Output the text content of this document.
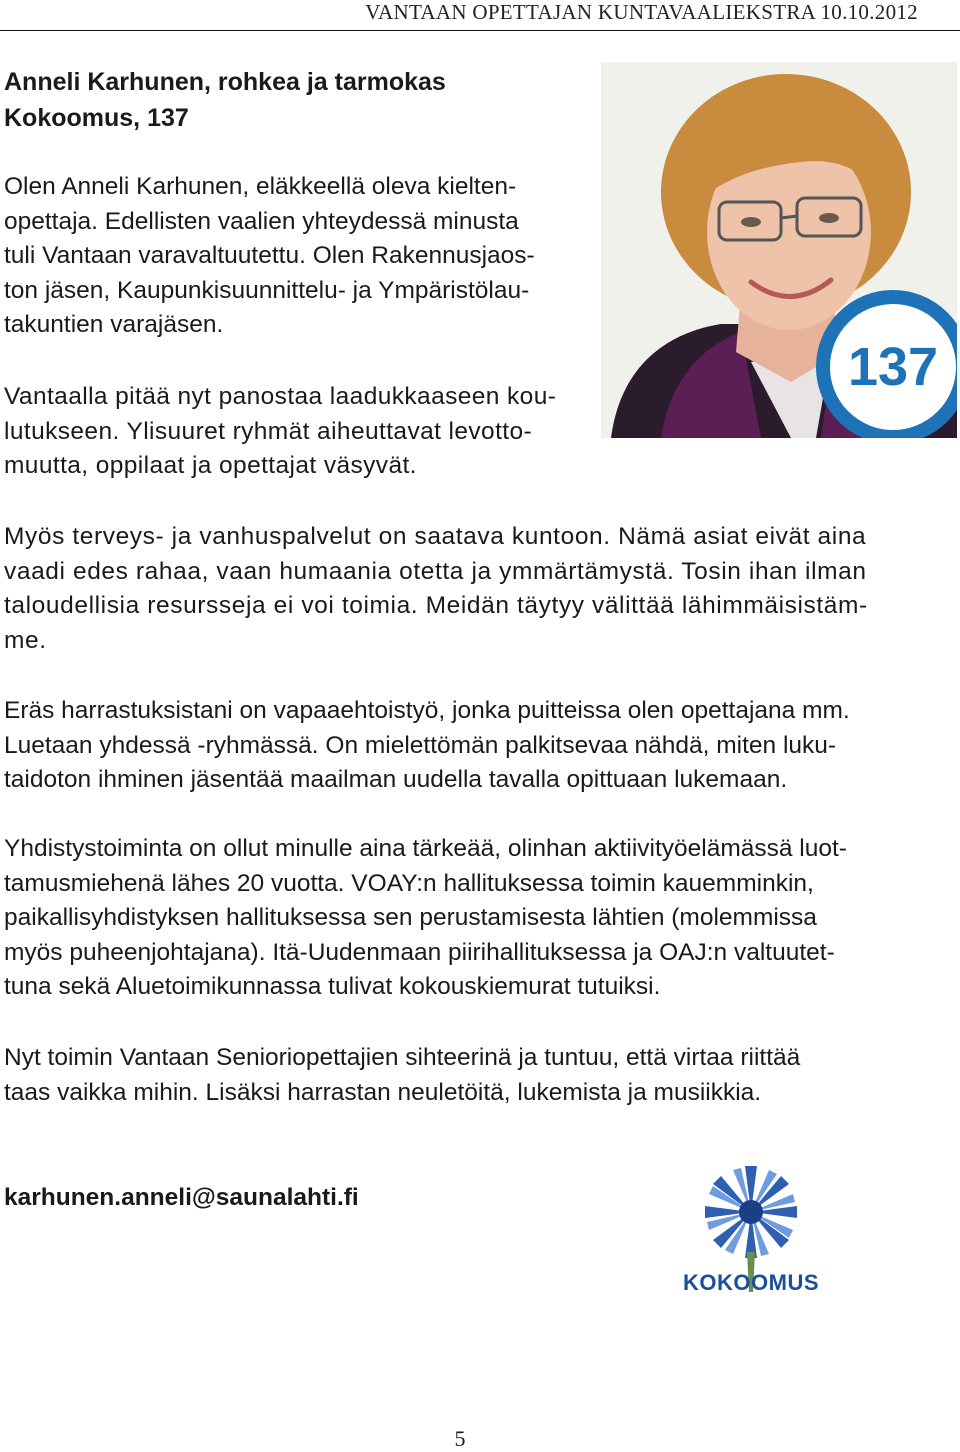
VANTAAN OPETTAJAN KUNTAVAALIEKSTRA 10.10.2012
Anneli Karhunen, rohkea ja tarmokas
Kokoomus, 137
Olen Anneli Karhunen, eläkkeellä oleva kielten-
opettaja. Edellisten vaalien yhteydessä minusta
tuli Vantaan varavaltuutettu. Olen Rakennusjaos-
ton jäsen, Kaupunkisuunnittelu- ja Ympäristölau-
takuntien varajäsen.
Vantaalla pitää nyt panostaa laadukkaaseen kou-
lutukseen. Ylisuuret ryhmät aiheuttavat levotto-
muutta, oppilaat ja opettajat väsyvät.
Myös terveys- ja vanhuspalvelut on saatava kuntoon. Nämä asiat eivät aina
vaadi edes rahaa, vaan humaania otetta ja ymmärtämystä. Tosin ihan ilman
taloudellisia resursseja ei voi toimia. Meidän täytyy välittää lähimmäisistäm-
me.
Eräs harrastuksistani on vapaaehtoistyö, jonka puitteissa olen opettajana mm.
Luetaan yhdessä -ryhmässä. On mielettömän palkitsevaa nähdä, miten luku-
taidoton ihminen jäsentää maailman uudella tavalla opittuaan lukemaan.
Yhdistystoiminta on ollut minulle aina tärkeää, olinhan aktiivityöelämässä luot-
tamusmiehenä lähes 20 vuotta. VOAY:n hallituksessa toimin kauemminkin,
paikallisyhdistyksen hallituksessa sen perustamisesta lähtien (molemmissa
myös puheenjohtajana). Itä-Uudenmaan piirihallituksessa ja OAJ:n valtuutet-
tuna sekä Aluetoimikunnassa tulivat kokouskiemurat tutuiksi.
Nyt toimin Vantaan Senioriopettajien sihteerinä ja tuntuu, että virtaa riittää
taas vaikka mihin. Lisäksi harrastan neuletöitä, lukemista ja musiikkia.
karhunen.anneli@saunalahti.fi
137
KOKOOMUS
5
